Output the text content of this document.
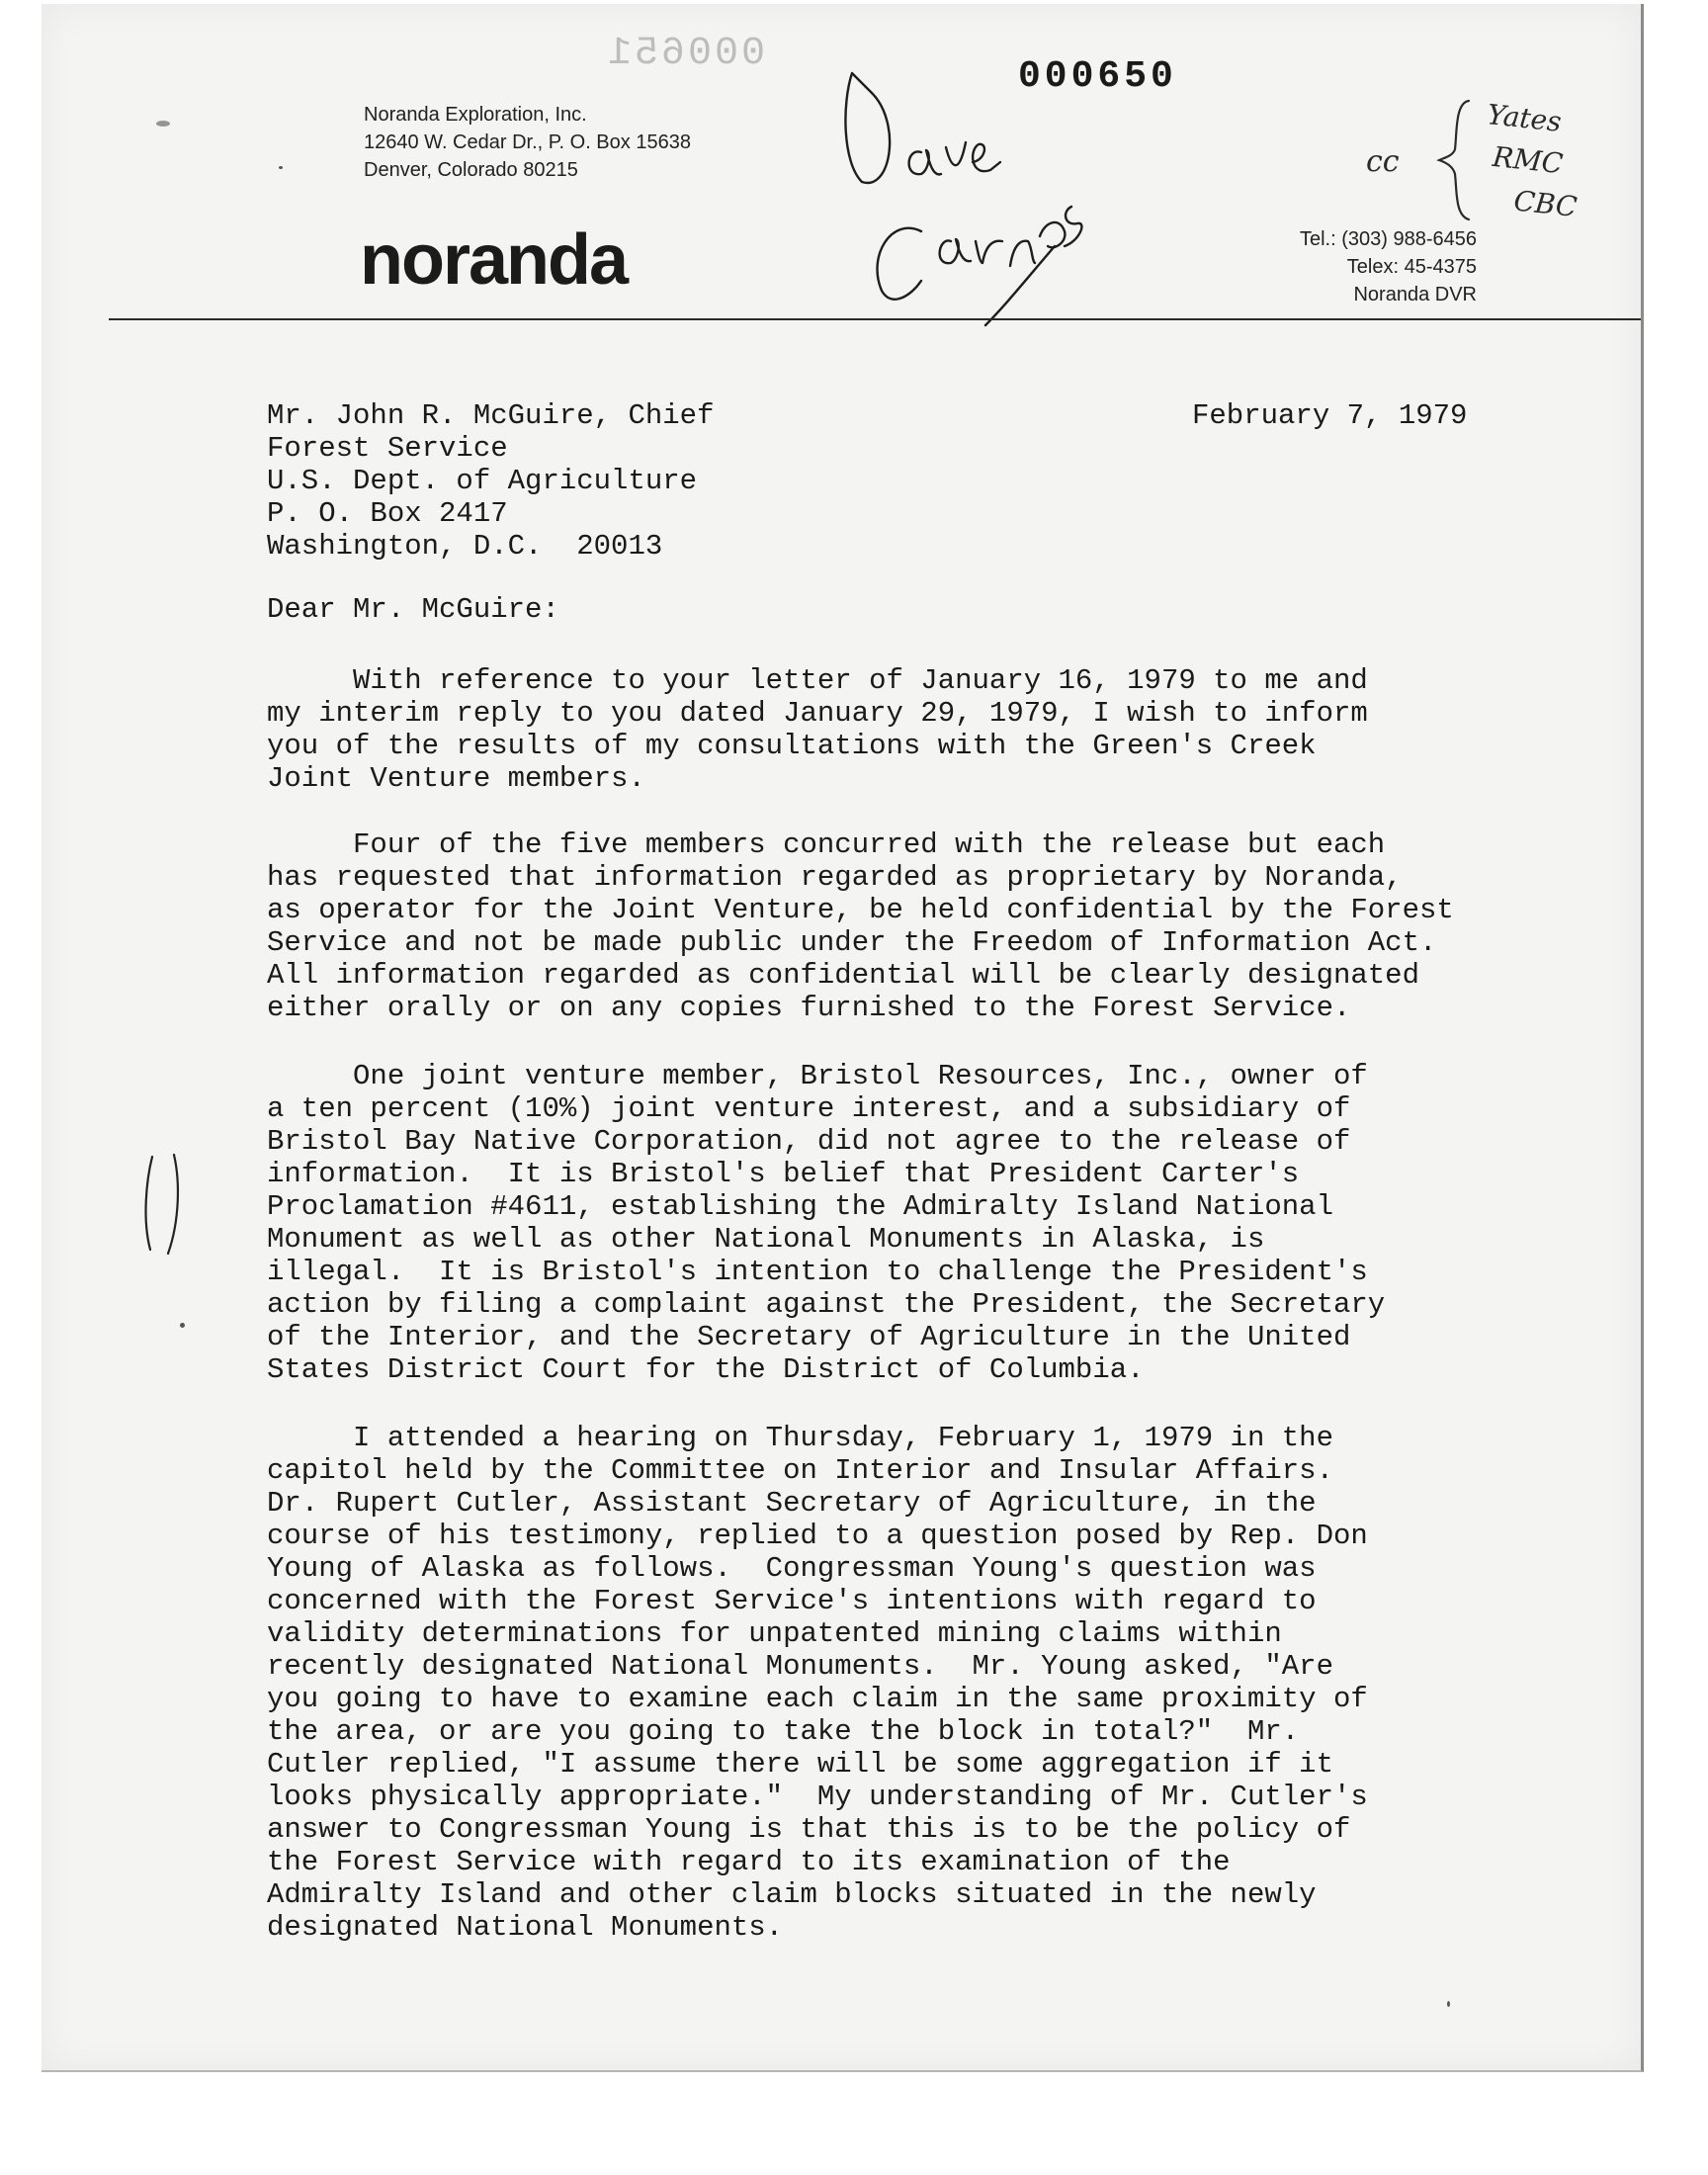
000651
000650
Noranda Exploration, Inc.
12640 W. Cedar Dr., P. O. Box 15638
Denver, Colorado 80215
noranda	Tel.: (303) 988-6456
Telex: 45-4375
Noranda DVR
Dave Carnes
cc
Yates
RMC
CBC
February 7, 1979
Mr. John R. McGuire, Chief
Forest Service
U.S. Dept. of Agriculture
P. O. Box 2417
Washington, D.C.  20013
Dear Mr. McGuire:
With reference to your letter of January 16, 1979 to me and
my interim reply to you dated January 29, 1979, I wish to inform
you of the results of my consultations with the Green's Creek
Joint Venture members.
Four of the five members concurred with the release but each
has requested that information regarded as proprietary by Noranda,
as operator for the Joint Venture, be held confidential by the Forest
Service and not be made public under the Freedom of Information Act.
All information regarded as confidential will be clearly designated
either orally or on any copies furnished to the Forest Service.
One joint venture member, Bristol Resources, Inc., owner of
a ten percent (10%) joint venture interest, and a subsidiary of
Bristol Bay Native Corporation, did not agree to the release of
information.  It is Bristol's belief that President Carter's
Proclamation #4611, establishing the Admiralty Island National
Monument as well as other National Monuments in Alaska, is
illegal.  It is Bristol's intention to challenge the President's
action by filing a complaint against the President, the Secretary
of the Interior, and the Secretary of Agriculture in the United
States District Court for the District of Columbia.
I attended a hearing on Thursday, February 1, 1979 in the
capitol held by the Committee on Interior and Insular Affairs.
Dr. Rupert Cutler, Assistant Secretary of Agriculture, in the
course of his testimony, replied to a question posed by Rep. Don
Young of Alaska as follows.  Congressman Young's question was
concerned with the Forest Service's intentions with regard to
validity determinations for unpatented mining claims within
recently designated National Monuments.  Mr. Young asked, "Are
you going to have to examine each claim in the same proximity of
the area, or are you going to take the block in total?"  Mr.
Cutler replied, "I assume there will be some aggregation if it
looks physically appropriate."  My understanding of Mr. Cutler's
answer to Congressman Young is that this is to be the policy of
the Forest Service with regard to its examination of the
Admiralty Island and other claim blocks situated in the newly
designated National Monuments.
